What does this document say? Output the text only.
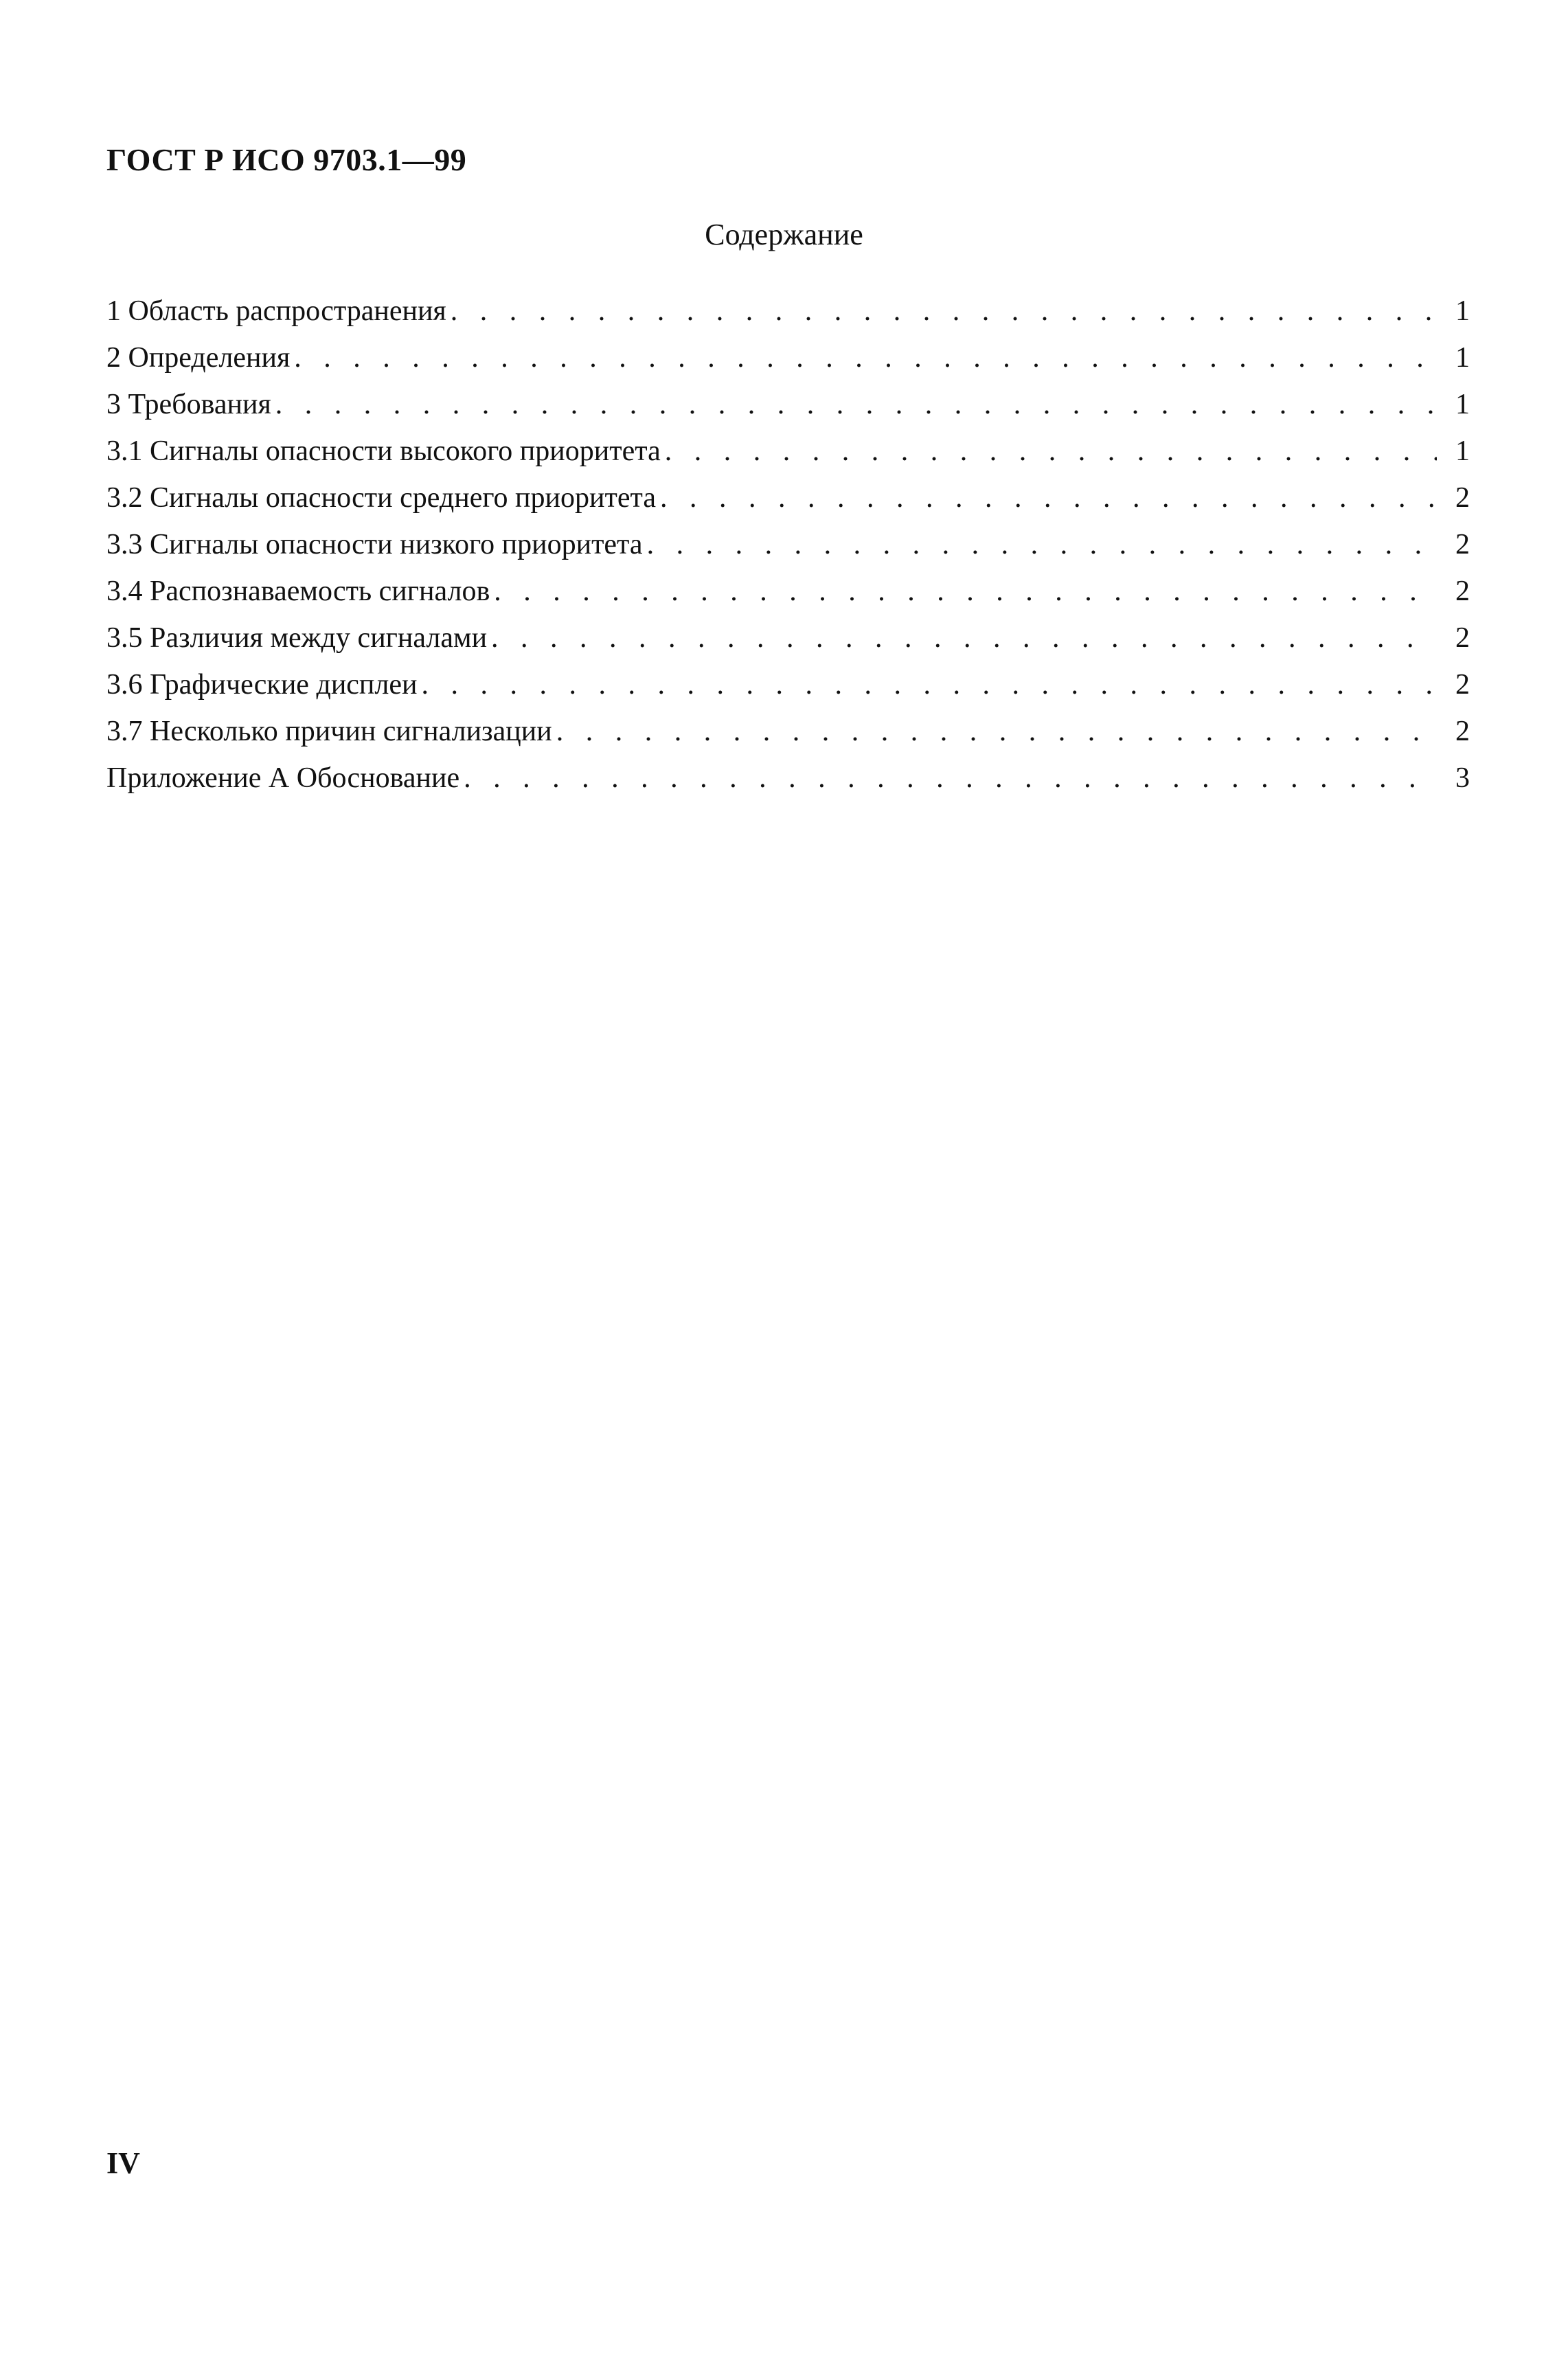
ГОСТ Р ИСО 9703.1—99
Содержание
1 Область распространения . . .	1
2 Определения . . .	1
3 Требования . . .	1
3.1 Сигналы опасности высокого приоритета . . .	1
3.2 Сигналы опасности среднего приоритета . . .	2
3.3 Сигналы опасности низкого приоритета . . .	2
3.4 Распознаваемость сигналов . . .	2
3.5 Различия между сигналами . . .	2
3.6 Графические дисплеи . . .	2
3.7 Несколько причин сигнализации . . .	2
Приложение А Обоснование . . .	3
IV
